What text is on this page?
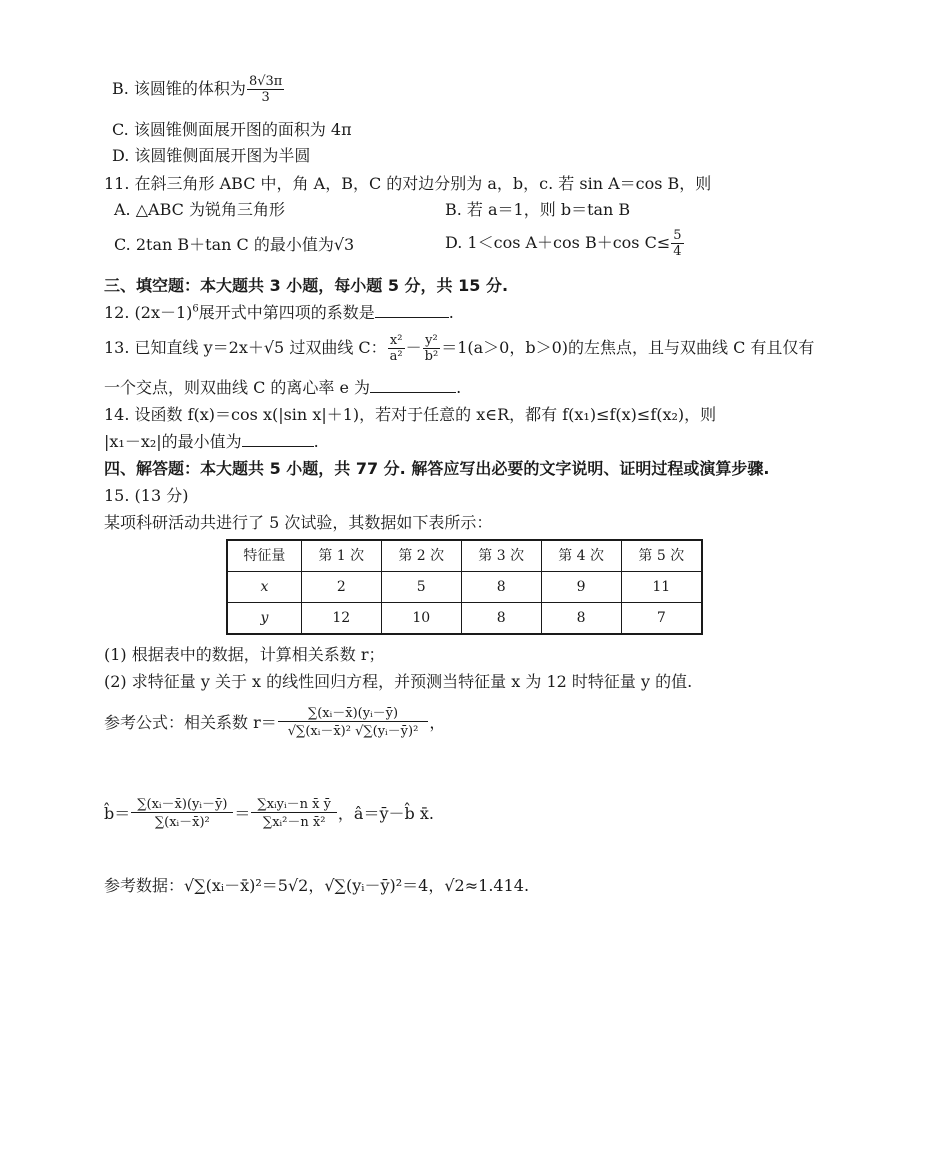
B. 该圆锥的体积为 $\frac{8√3\pi}{3}$
C. 该圆锥侧面展开图的面积为 4π
D. 该圆锥侧面展开图为半圆
11. 在斜三角形 ABC 中，角 A，B，C 的对边分别为 a，b，c. 若 sin A＝cos B，则
A. △ABC 为锐角三角形	B. 若 a＝1，则 b＝tan B
C. 2tan B＋tan C 的最小值为√3	D. 1＜cos A＋cos B＋cos $C\le \frac{5}{4}$
三、填空题：本大题共 3 小题，每小题 5 分，共 15 分.
12. $(2x-1)^6$展开式中第四项的系数是	.
13. 已知直线 y＝2x＋√5 过双曲线 C： $\frac{\text{x²}}{\text{a²}} - \frac{\text{y²}}{\text{b²}} =1(a>0$，b＞0)的左焦点，且与双曲线 C 有且仅有
一个交点，则双曲线 C 的离心率 e 为	.
14. 设函数 f(x)＝cos x(|sin x|＋1)，若对于任意的 x∈R，都有 f(x₁)≤f(x)≤f(x₂)，则
|x₁－x₂|的最小值为	.
四、解答题：本大题共 5 小题，共 77 分. 解答应写出必要的文字说明、证明过程或演算步骤.
15. (13 分)
某项科研活动共进行了 5 次试验，其数据如下表所示：
特征量	第 1 次	第 2 次	第 3 次	第 4 次	第 5 次
x	2	5	8	9	11
y	12	10	8	8	7
(1) 根据表中的数据，计算相关系数 r；
(2) 求特征量 y 关于 x 的线性回归方程，并预测当特征量 x 为 12 时特征量 y 的值.
参考公式：相关系数 $r= \frac{\text{∑(xᵢ－x̄)(yᵢ－ȳ)}}{\text{√∑(xᵢ－x̄)² √∑(yᵢ－ȳ)²}}$ ，
b̂＝ $\frac{\text{∑(xᵢ－x̄)(yᵢ－ȳ)}}{\text{∑(xᵢ－x̄)²}} = \frac{\text{∑xᵢyᵢ－n x̄ ȳ}}{\text{∑xᵢ²－n x̄²}}$ ，â＝ȳ－b̂ x̄.
参考数据：√∑(xᵢ－x̄)²＝5√2，√∑(yᵢ－ȳ)²＝4，√2≈1.414.
